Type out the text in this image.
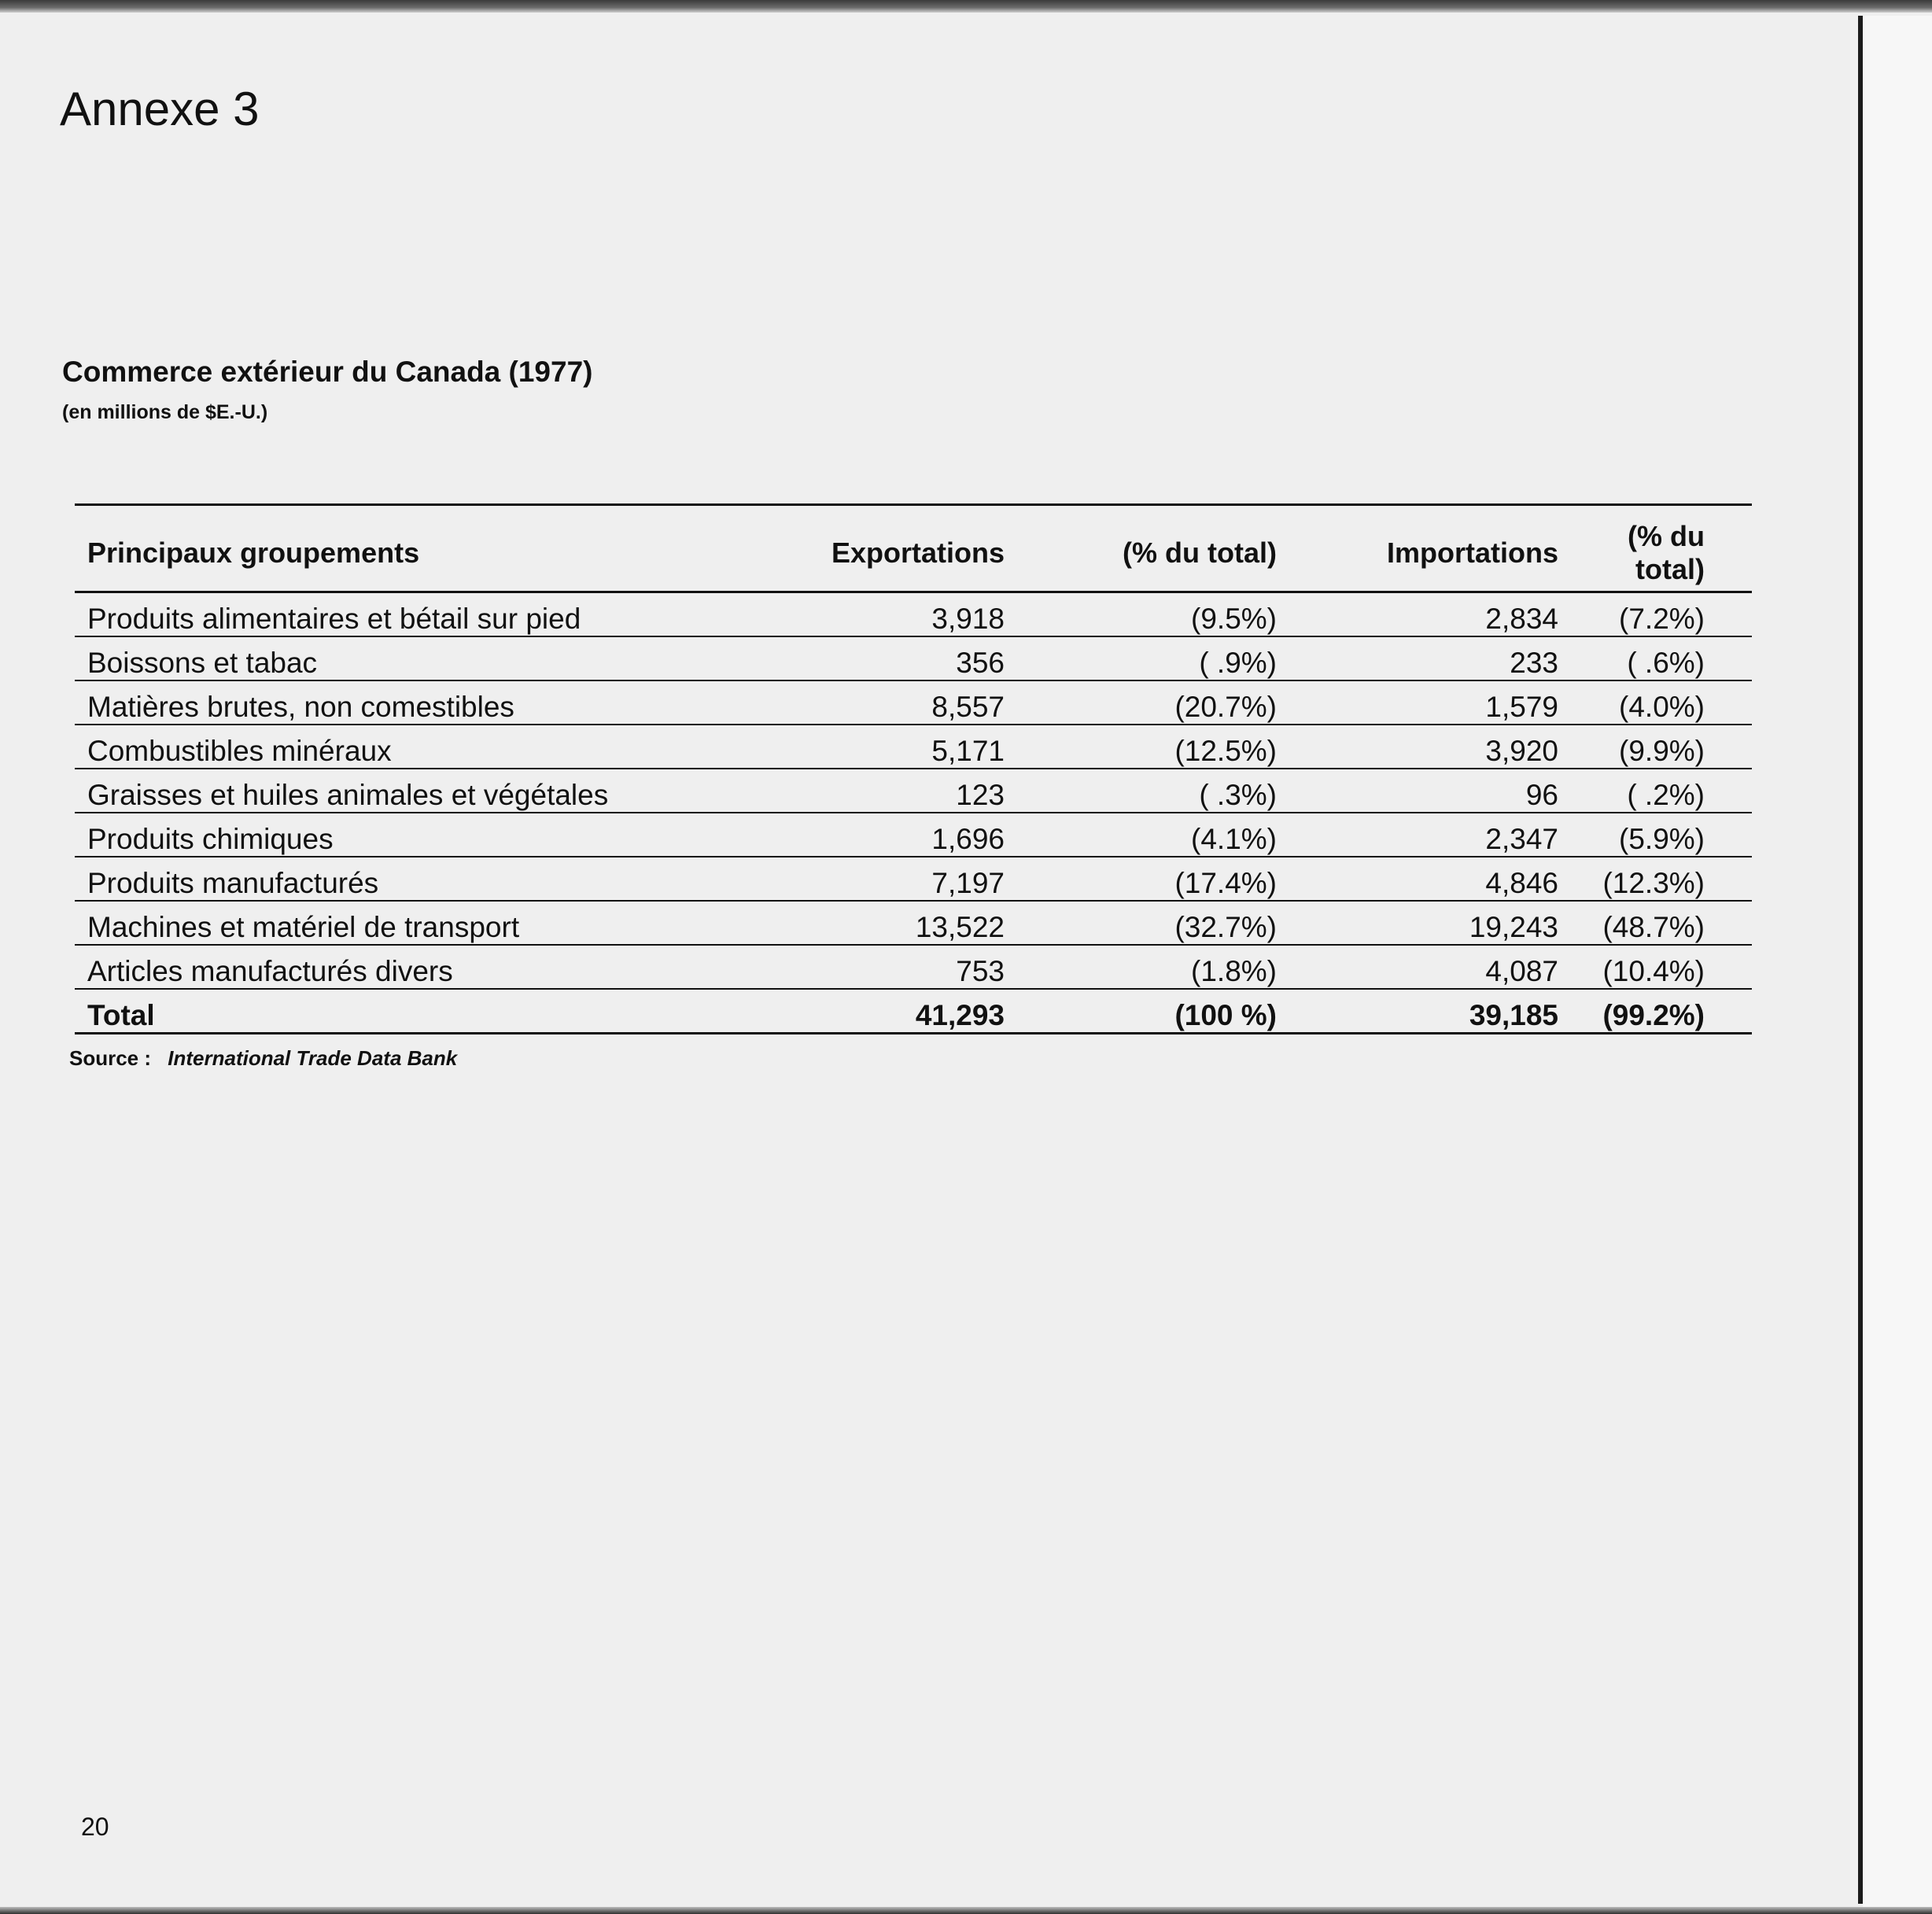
Annexe 3
Commerce extérieur du Canada (1977)
(en millions de $E.-U.)
Principaux groupements	Exportations	(% du total)	Importations	(% du total)
Produits alimentaires et bétail sur pied	3,918	(9.5%)	2,834	(7.2%)
Boissons et tabac	356	( .9%)	233	( .6%)
Matières brutes, non comestibles	8,557	(20.7%)	1,579	(4.0%)
Combustibles minéraux	5,171	(12.5%)	3,920	(9.9%)
Graisses et huiles animales et végétales	123	( .3%)	96	( .2%)
Produits chimiques	1,696	(4.1%)	2,347	(5.9%)
Produits manufacturés	7,197	(17.4%)	4,846	(12.3%)
Machines et matériel de transport	13,522	(32.7%)	19,243	(48.7%)
Articles manufacturés divers	753	(1.8%)	4,087	(10.4%)
Total	41,293	(100 %)	39,185	(99.2%)
Source : International Trade Data Bank
20
